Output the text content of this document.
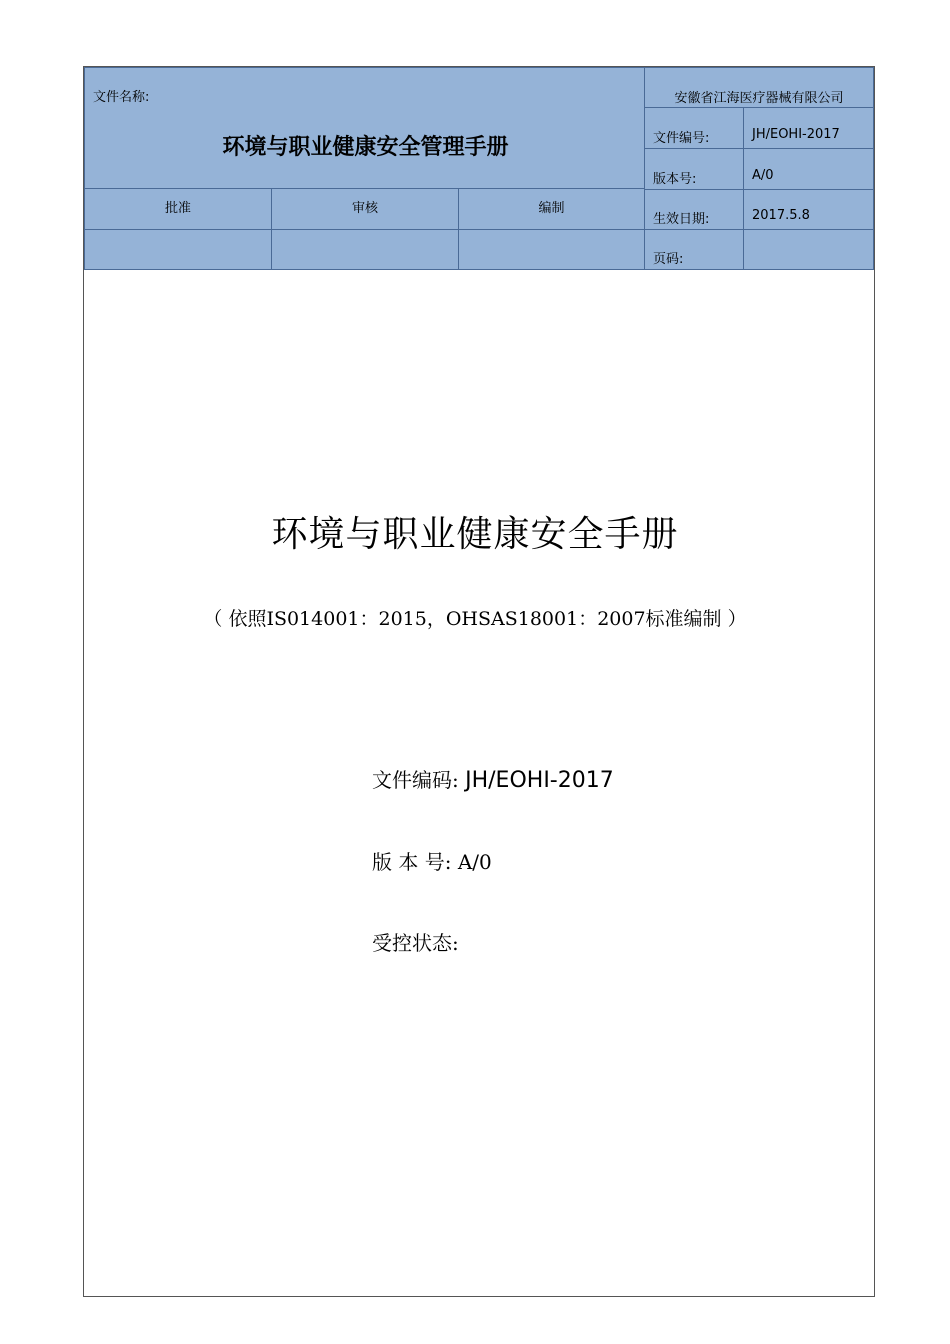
文件名称:
环境与职业健康安全管理手册
安徽省江海医疗器械有限公司
文件编号:	JH/EOHⅠ-2017
版本号:	A/0
批准	审核	编制
生效日期:	2017.5.8
页码:
环境与职业健康安全手册
（ 依照IS014001：2015，OHSAS18001：2007标准编制 ）
文件编码: JH/EOHⅠ-2017
版 本 号: A/0
受控状态:
